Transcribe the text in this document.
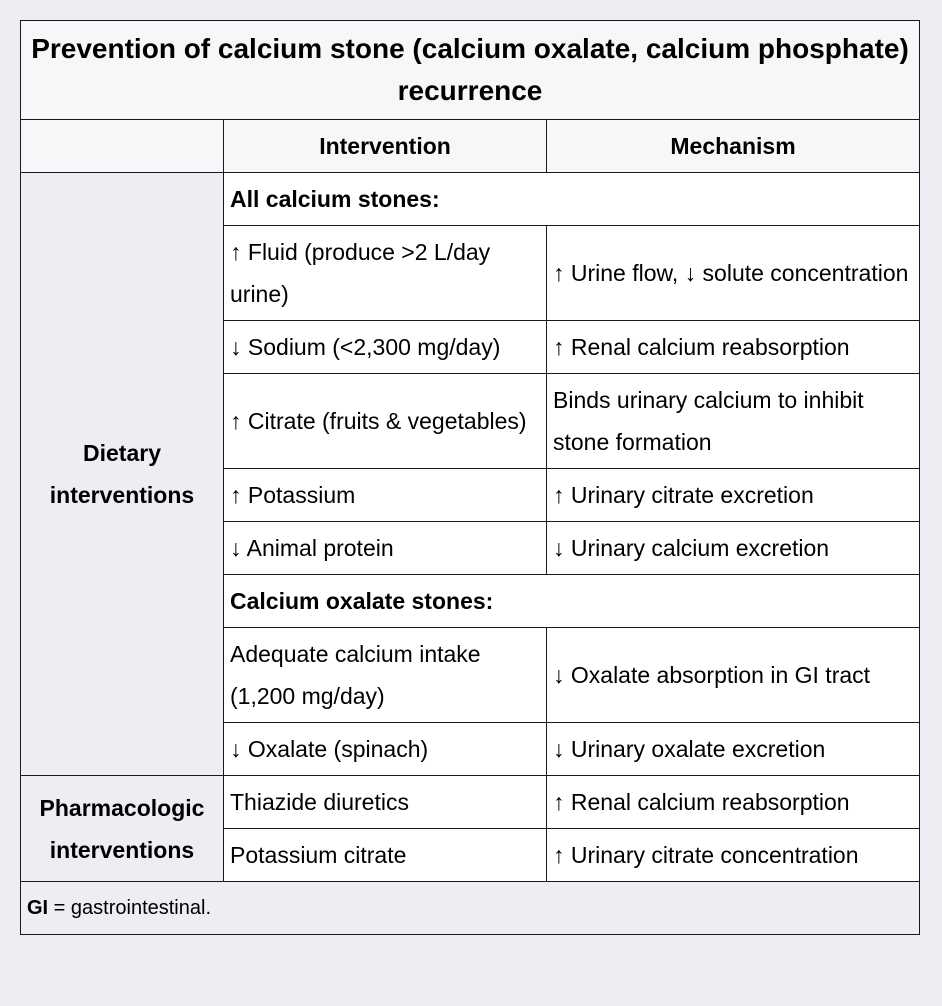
Prevention of calcium stone (calcium oxalate, calcium phosphate) recurrence		
	Intervention	Mechanism
Dietary interventions	All calcium stones:	
	↑ Fluid (produce >2 L/day urine)	↑ Urine flow, ↓ solute concentration
	↓ Sodium (<2,300 mg/day)	↑ Renal calcium reabsorption
	↑ Citrate (fruits & vegetables)	Binds urinary calcium to inhibit stone formation
	↑ Potassium	↑ Urinary citrate excretion
	↓ Animal protein	↓ Urinary calcium excretion
	Calcium oxalate stones:	
	Adequate calcium intake (1,200 mg/day)	↓ Oxalate absorption in GI tract
	↓ Oxalate (spinach)	↓ Urinary oxalate excretion
Pharmacologic interventions	Thiazide diuretics	↑ Renal calcium reabsorption
	Potassium citrate	↑ Urinary citrate concentration
GI = gastrointestinal.		
